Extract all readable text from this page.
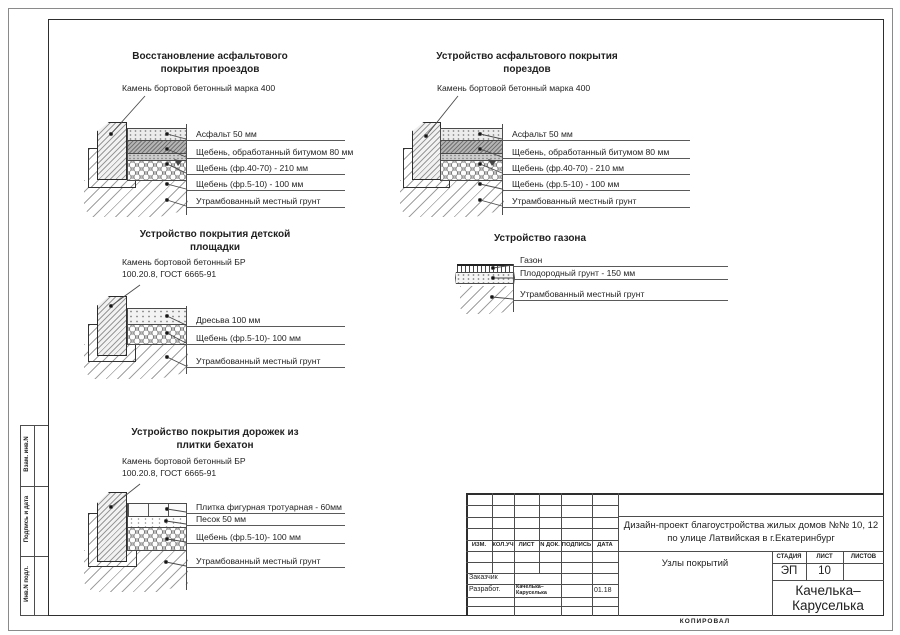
Взам. инв.N
Подпись и дата
Инв.N подл.
Восстановление асфальтового
покрытия проездов
Камень бортовой бетонный марка 400
Асфальт 50 мм
Щебень, обработанный битумом 80 мм
Щебень (фр.40-70) - 210 мм
Щебень (фр.5-10) - 100 мм
Утрамбованный местный грунт
Устройство асфальтового покрытия
порездов
Камень бортовой бетонный марка 400
Асфальт 50 мм
Щебень, обработанный битумом 80 мм
Щебень (фр.40-70) - 210 мм
Щебень (фр.5-10) - 100 мм
Утрамбованный местный грунт
Устройство покрытия детской
площадки
Камень бортовой бетонный БР
100.20.8, ГОСТ 6665-91
Дресьва 100 мм
Щебень (фр.5-10)- 100 мм
Утрамбованный местный грунт
Устройство газона
Газон
Плодородный грунт - 150 мм
Утрамбованный местный грунт
Устройство покрытия дорожек из
плитки бехатон
Камень бортовой бетонный БР
100.20.8, ГОСТ 6665-91
Плитка фигурная тротуарная - 60мм
Песок 50 мм
Щебень (фр.5-10)- 100 мм
Утрамбованный местный грунт
ИЗМ.	КОЛ.УЧ ЛИСТ N ДОК. ПОДПИСЬ	ДАТА
Заказчик
Разработ.	Качелька–
Каруселька	01.18
Дизайн-проект благоустройства жилых домов №№ 10, 12
по улице Латвийская в г.Екатеринбург
Узлы покрытий
СТАДИЯ	ЛИСТ	ЛИСТОВ
ЭП	10
Качелька–
Каруселька
КОПИРОВАЛ
